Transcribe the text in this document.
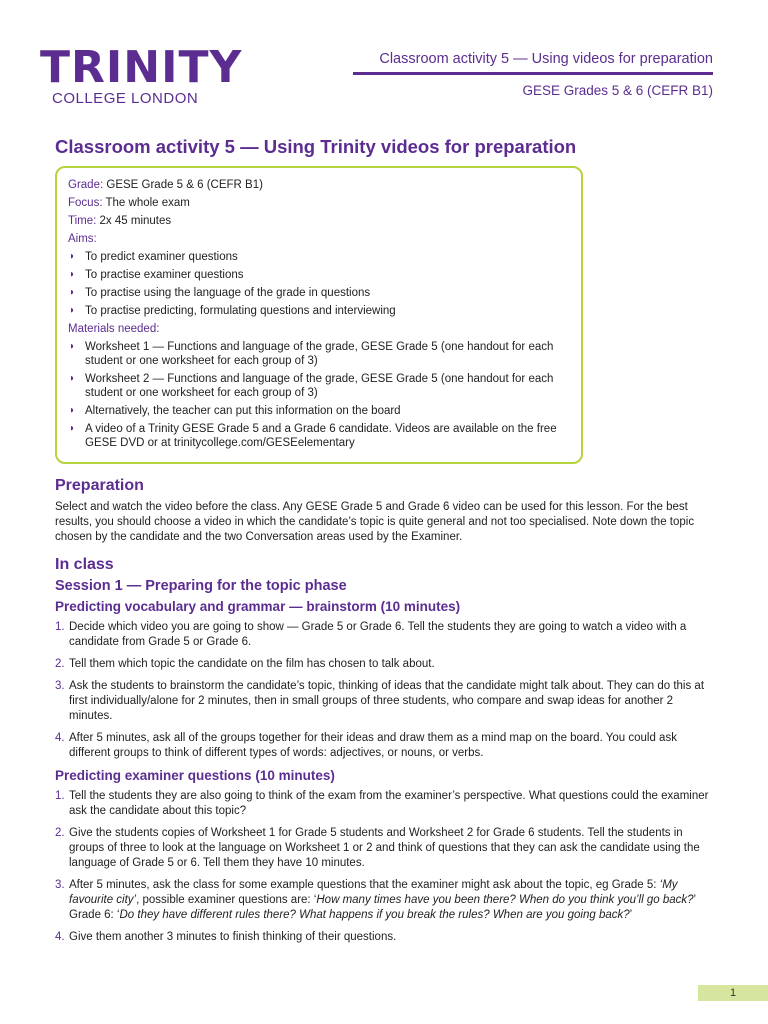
TRINITY
COLLEGE LONDON
Classroom activity 5 — Using videos for preparation
GESE Grades 5 & 6 (CEFR B1)
Classroom activity 5 — Using Trinity videos for preparation
Grade: GESE Grade 5 & 6 (CEFR B1)
Focus: The whole exam
Time: 2x 45 minutes
Aims:
◗ To predict examiner questions
◗ To practise examiner questions
◗ To practise using the language of the grade in questions
◗ To practise predicting, formulating questions and interviewing
Materials needed:
◗ Worksheet 1 — Functions and language of the grade, GESE Grade 5 (one handout for each student or one worksheet for each group of 3)
◗ Worksheet 2 — Functions and language of the grade, GESE Grade 5 (one handout for each student or one worksheet for each group of 3)
◗ Alternatively, the teacher can put this information on the board
◗ A video of a Trinity GESE Grade 5 and a Grade 6 candidate. Videos are available on the free GESE DVD or at trinitycollege.com/GESEelementary
Preparation

Select and watch the video before the class. Any GESE Grade 5 and Grade 6 video can be used for this lesson. For the best results, you should choose a video in which the candidate’s topic is quite general and not too specialised. Note down the topic chosen by the candidate and the two Conversation areas used by the Examiner.

In class
Session 1 — Preparing for the topic phase
Predicting vocabulary and grammar — brainstorm (10 minutes)
1. Decide which video you are going to show — Grade 5 or Grade 6. Tell the students they are going to watch a video with a candidate from Grade 5 or Grade 6.
2. Tell them which topic the candidate on the film has chosen to talk about.
3. Ask the students to brainstorm the candidate’s topic, thinking of ideas that the candidate might talk about. They can do this at first individually/alone for 2 minutes, then in small groups of three students, who compare and swap ideas for another 2 minutes.
4. After 5 minutes, ask all of the groups together for their ideas and draw them as a mind map on the board. You could ask different groups to think of different types of words: adjectives, or nouns, or verbs.
Predicting examiner questions (10 minutes)
1. Tell the students they are also going to think of the exam from the examiner’s perspective. What questions could the examiner ask the candidate about this topic?
2. Give the students copies of Worksheet 1 for Grade 5 students and Worksheet 2 for Grade 6 students. Tell the students in groups of three to look at the language on Worksheet 1 or 2 and think of questions that they can ask the candidate using the language of Grade 5 or 6. Tell them they have 10 minutes.
3. After 5 minutes, ask the class for some example questions that the examiner might ask about the topic, eg Grade 5: ‘My favourite city’, possible examiner questions are: ‘How many times have you been there? When do you think you’ll go back?’ Grade 6: ‘Do they have different rules there? What happens if you break the rules? When are you going back?’
4. Give them another 3 minutes to finish thinking of their questions.
1
